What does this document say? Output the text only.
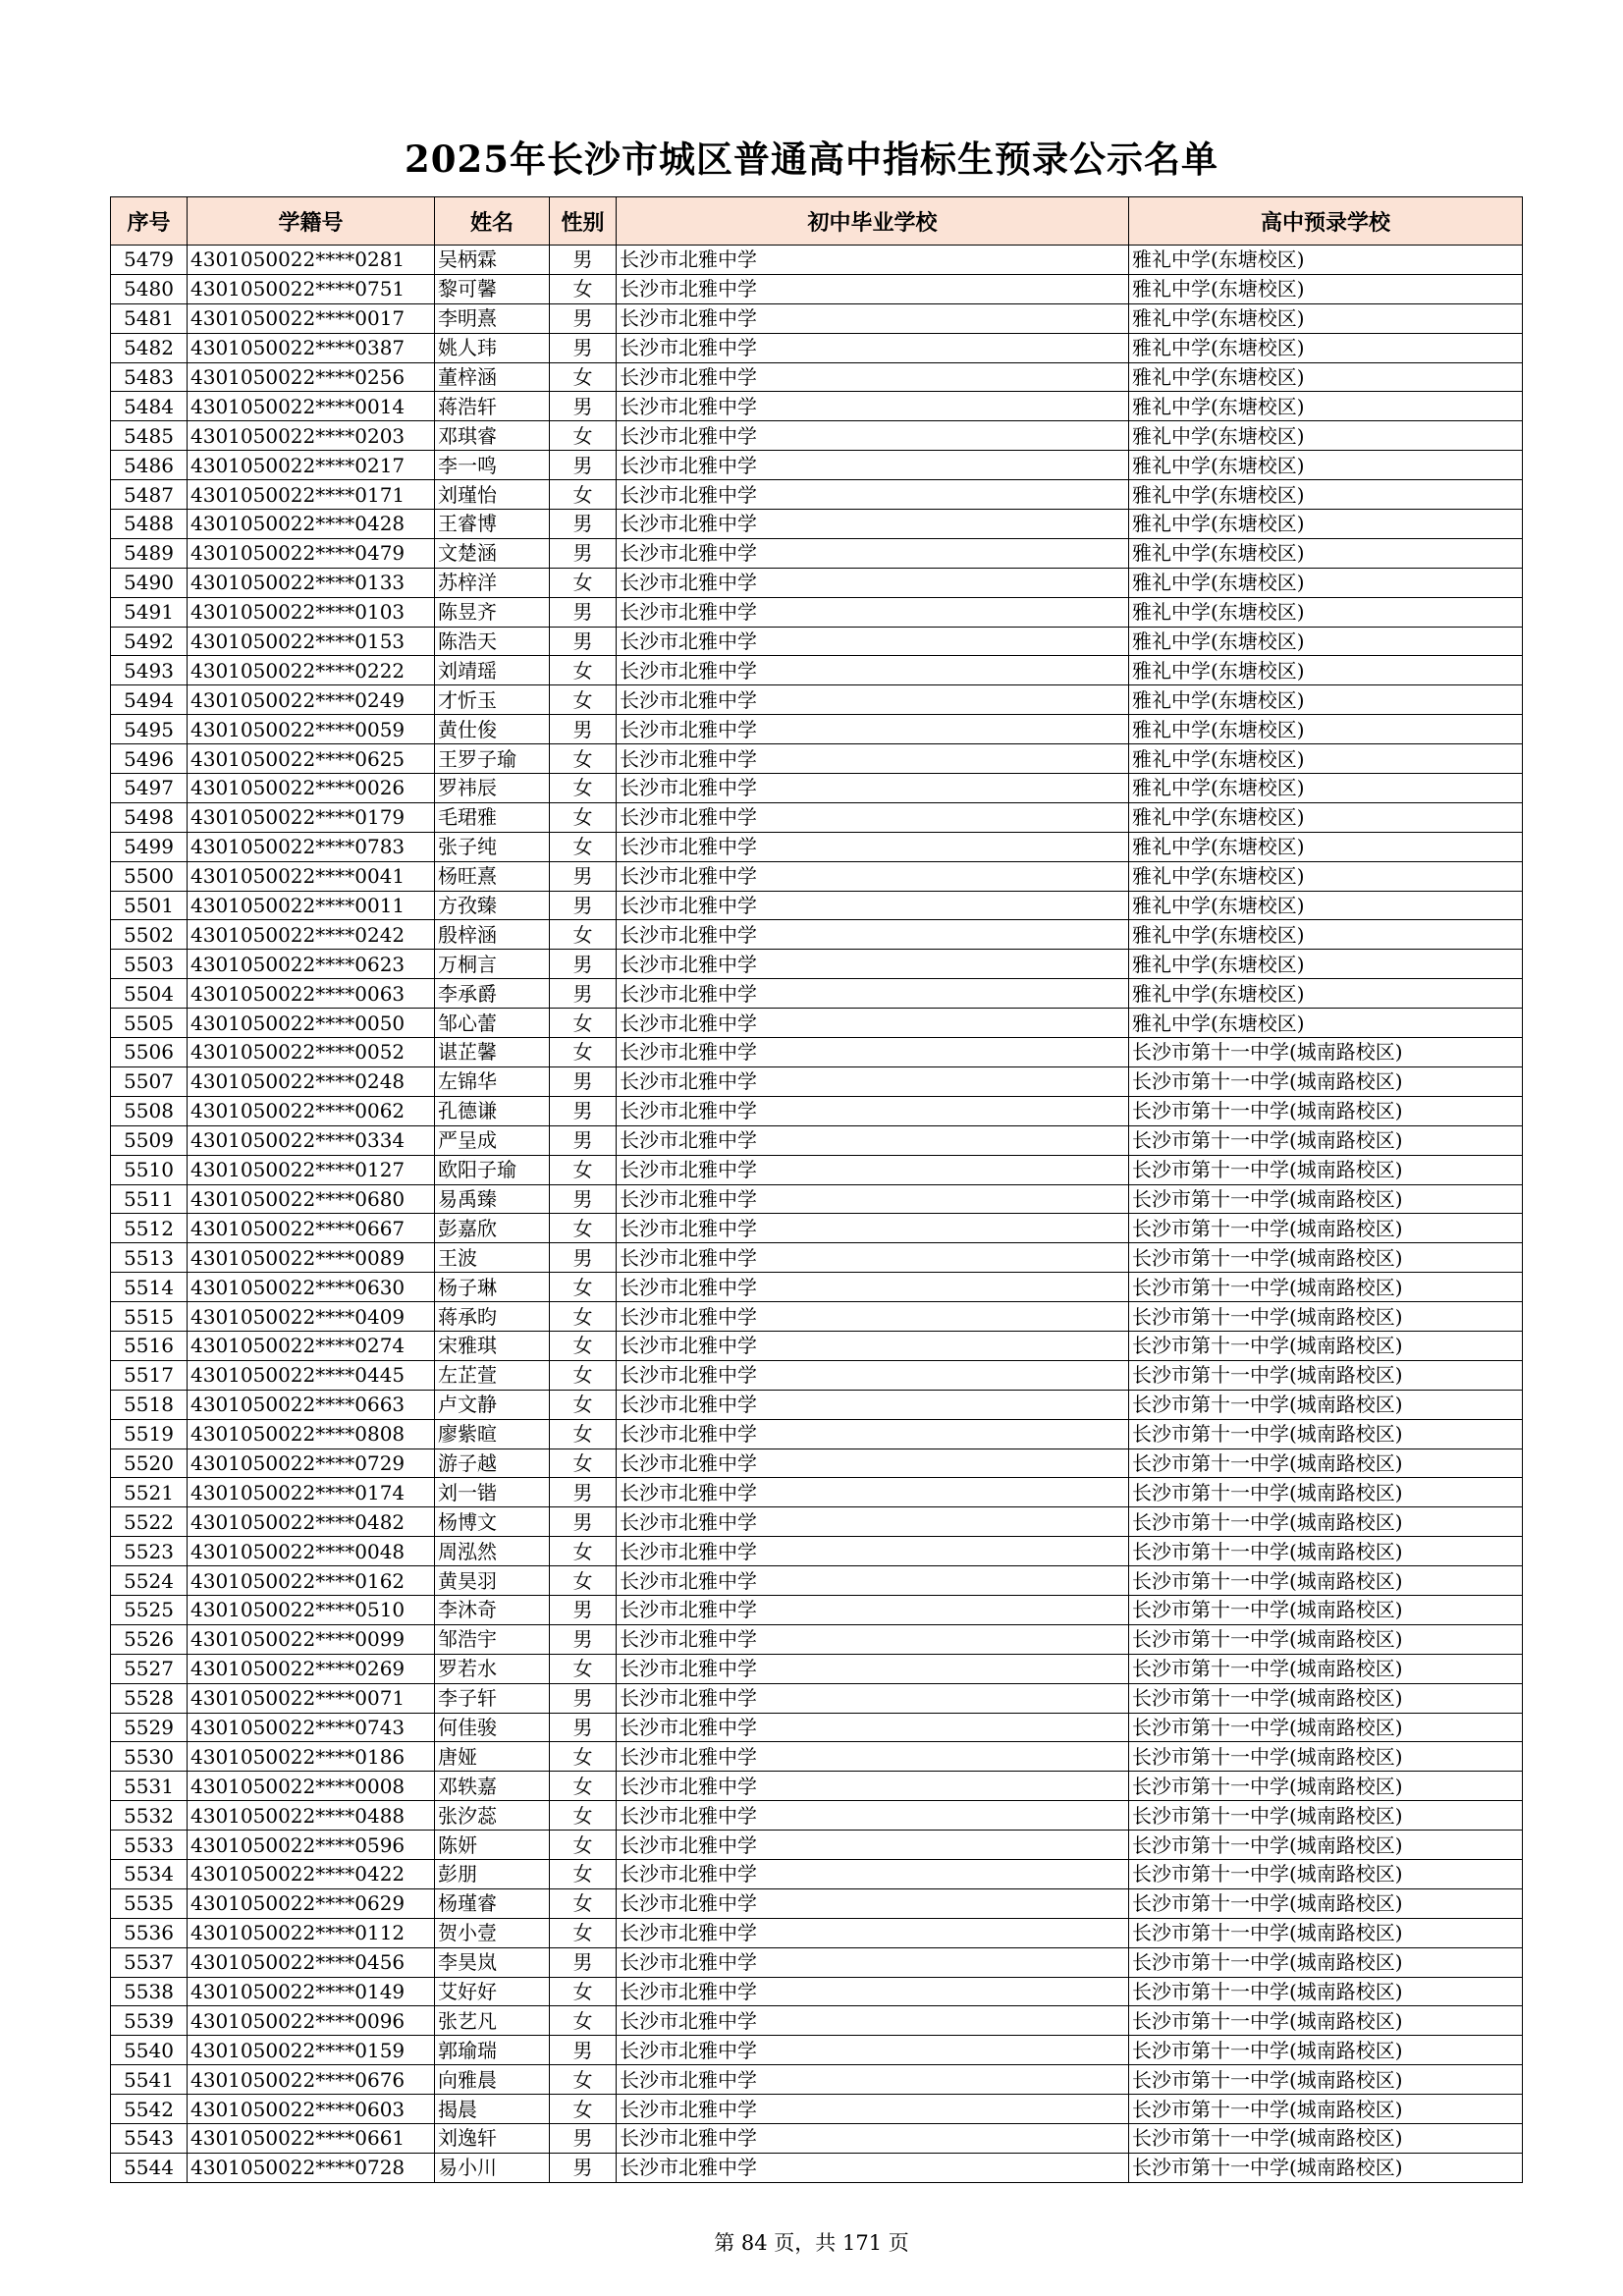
2025年长沙市城区普通高中指标生预录公示名单
序号	学籍号	姓名	性别	初中毕业学校	高中预录学校
5479	4301050022****0281	吴柄霖	男	长沙市北雅中学	雅礼中学(东塘校区)
5480	4301050022****0751	黎可馨	女	长沙市北雅中学	雅礼中学(东塘校区)
5481	4301050022****0017	李明熹	男	长沙市北雅中学	雅礼中学(东塘校区)
5482	4301050022****0387	姚人玮	男	长沙市北雅中学	雅礼中学(东塘校区)
5483	4301050022****0256	董梓涵	女	长沙市北雅中学	雅礼中学(东塘校区)
5484	4301050022****0014	蒋浩轩	男	长沙市北雅中学	雅礼中学(东塘校区)
5485	4301050022****0203	邓琪睿	女	长沙市北雅中学	雅礼中学(东塘校区)
5486	4301050022****0217	李一鸣	男	长沙市北雅中学	雅礼中学(东塘校区)
5487	4301050022****0171	刘瑾怡	女	长沙市北雅中学	雅礼中学(东塘校区)
5488	4301050022****0428	王睿博	男	长沙市北雅中学	雅礼中学(东塘校区)
5489	4301050022****0479	文楚涵	男	长沙市北雅中学	雅礼中学(东塘校区)
5490	4301050022****0133	苏梓洋	女	长沙市北雅中学	雅礼中学(东塘校区)
5491	4301050022****0103	陈昱齐	男	长沙市北雅中学	雅礼中学(东塘校区)
5492	4301050022****0153	陈浩天	男	长沙市北雅中学	雅礼中学(东塘校区)
5493	4301050022****0222	刘靖瑶	女	长沙市北雅中学	雅礼中学(东塘校区)
5494	4301050022****0249	才忻玉	女	长沙市北雅中学	雅礼中学(东塘校区)
5495	4301050022****0059	黄仕俊	男	长沙市北雅中学	雅礼中学(东塘校区)
5496	4301050022****0625	王罗子瑜	女	长沙市北雅中学	雅礼中学(东塘校区)
5497	4301050022****0026	罗祎辰	女	长沙市北雅中学	雅礼中学(东塘校区)
5498	4301050022****0179	毛珺雅	女	长沙市北雅中学	雅礼中学(东塘校区)
5499	4301050022****0783	张子纯	女	长沙市北雅中学	雅礼中学(东塘校区)
5500	4301050022****0041	杨旺熹	男	长沙市北雅中学	雅礼中学(东塘校区)
5501	4301050022****0011	方孜臻	男	长沙市北雅中学	雅礼中学(东塘校区)
5502	4301050022****0242	殷梓涵	女	长沙市北雅中学	雅礼中学(东塘校区)
5503	4301050022****0623	万桐言	男	长沙市北雅中学	雅礼中学(东塘校区)
5504	4301050022****0063	李承爵	男	长沙市北雅中学	雅礼中学(东塘校区)
5505	4301050022****0050	邹心蕾	女	长沙市北雅中学	雅礼中学(东塘校区)
5506	4301050022****0052	谌芷馨	女	长沙市北雅中学	长沙市第十一中学(城南路校区)
5507	4301050022****0248	左锦华	男	长沙市北雅中学	长沙市第十一中学(城南路校区)
5508	4301050022****0062	孔德谦	男	长沙市北雅中学	长沙市第十一中学(城南路校区)
5509	4301050022****0334	严呈成	男	长沙市北雅中学	长沙市第十一中学(城南路校区)
5510	4301050022****0127	欧阳子瑜	女	长沙市北雅中学	长沙市第十一中学(城南路校区)
5511	4301050022****0680	易禹臻	男	长沙市北雅中学	长沙市第十一中学(城南路校区)
5512	4301050022****0667	彭嘉欣	女	长沙市北雅中学	长沙市第十一中学(城南路校区)
5513	4301050022****0089	王波	男	长沙市北雅中学	长沙市第十一中学(城南路校区)
5514	4301050022****0630	杨子琳	女	长沙市北雅中学	长沙市第十一中学(城南路校区)
5515	4301050022****0409	蒋承昀	女	长沙市北雅中学	长沙市第十一中学(城南路校区)
5516	4301050022****0274	宋雅琪	女	长沙市北雅中学	长沙市第十一中学(城南路校区)
5517	4301050022****0445	左芷萱	女	长沙市北雅中学	长沙市第十一中学(城南路校区)
5518	4301050022****0663	卢文静	女	长沙市北雅中学	长沙市第十一中学(城南路校区)
5519	4301050022****0808	廖紫暄	女	长沙市北雅中学	长沙市第十一中学(城南路校区)
5520	4301050022****0729	游子越	女	长沙市北雅中学	长沙市第十一中学(城南路校区)
5521	4301050022****0174	刘一锴	男	长沙市北雅中学	长沙市第十一中学(城南路校区)
5522	4301050022****0482	杨博文	男	长沙市北雅中学	长沙市第十一中学(城南路校区)
5523	4301050022****0048	周泓然	女	长沙市北雅中学	长沙市第十一中学(城南路校区)
5524	4301050022****0162	黄昊羽	女	长沙市北雅中学	长沙市第十一中学(城南路校区)
5525	4301050022****0510	李沐奇	男	长沙市北雅中学	长沙市第十一中学(城南路校区)
5526	4301050022****0099	邹浩宇	男	长沙市北雅中学	长沙市第十一中学(城南路校区)
5527	4301050022****0269	罗若水	女	长沙市北雅中学	长沙市第十一中学(城南路校区)
5528	4301050022****0071	李子轩	男	长沙市北雅中学	长沙市第十一中学(城南路校区)
5529	4301050022****0743	何佳骏	男	长沙市北雅中学	长沙市第十一中学(城南路校区)
5530	4301050022****0186	唐娅	女	长沙市北雅中学	长沙市第十一中学(城南路校区)
5531	4301050022****0008	邓轶嘉	女	长沙市北雅中学	长沙市第十一中学(城南路校区)
5532	4301050022****0488	张汐蕊	女	长沙市北雅中学	长沙市第十一中学(城南路校区)
5533	4301050022****0596	陈妍	女	长沙市北雅中学	长沙市第十一中学(城南路校区)
5534	4301050022****0422	彭朋	女	长沙市北雅中学	长沙市第十一中学(城南路校区)
5535	4301050022****0629	杨瑾睿	女	长沙市北雅中学	长沙市第十一中学(城南路校区)
5536	4301050022****0112	贺小壹	女	长沙市北雅中学	长沙市第十一中学(城南路校区)
5537	4301050022****0456	李昊岚	男	长沙市北雅中学	长沙市第十一中学(城南路校区)
5538	4301050022****0149	艾好好	女	长沙市北雅中学	长沙市第十一中学(城南路校区)
5539	4301050022****0096	张艺凡	女	长沙市北雅中学	长沙市第十一中学(城南路校区)
5540	4301050022****0159	郭瑜瑞	男	长沙市北雅中学	长沙市第十一中学(城南路校区)
5541	4301050022****0676	向雅晨	女	长沙市北雅中学	长沙市第十一中学(城南路校区)
5542	4301050022****0603	揭晨	女	长沙市北雅中学	长沙市第十一中学(城南路校区)
5543	4301050022****0661	刘逸轩	男	长沙市北雅中学	长沙市第十一中学(城南路校区)
5544	4301050022****0728	易小川	男	长沙市北雅中学	长沙市第十一中学(城南路校区)
第 84 页，共 171 页
